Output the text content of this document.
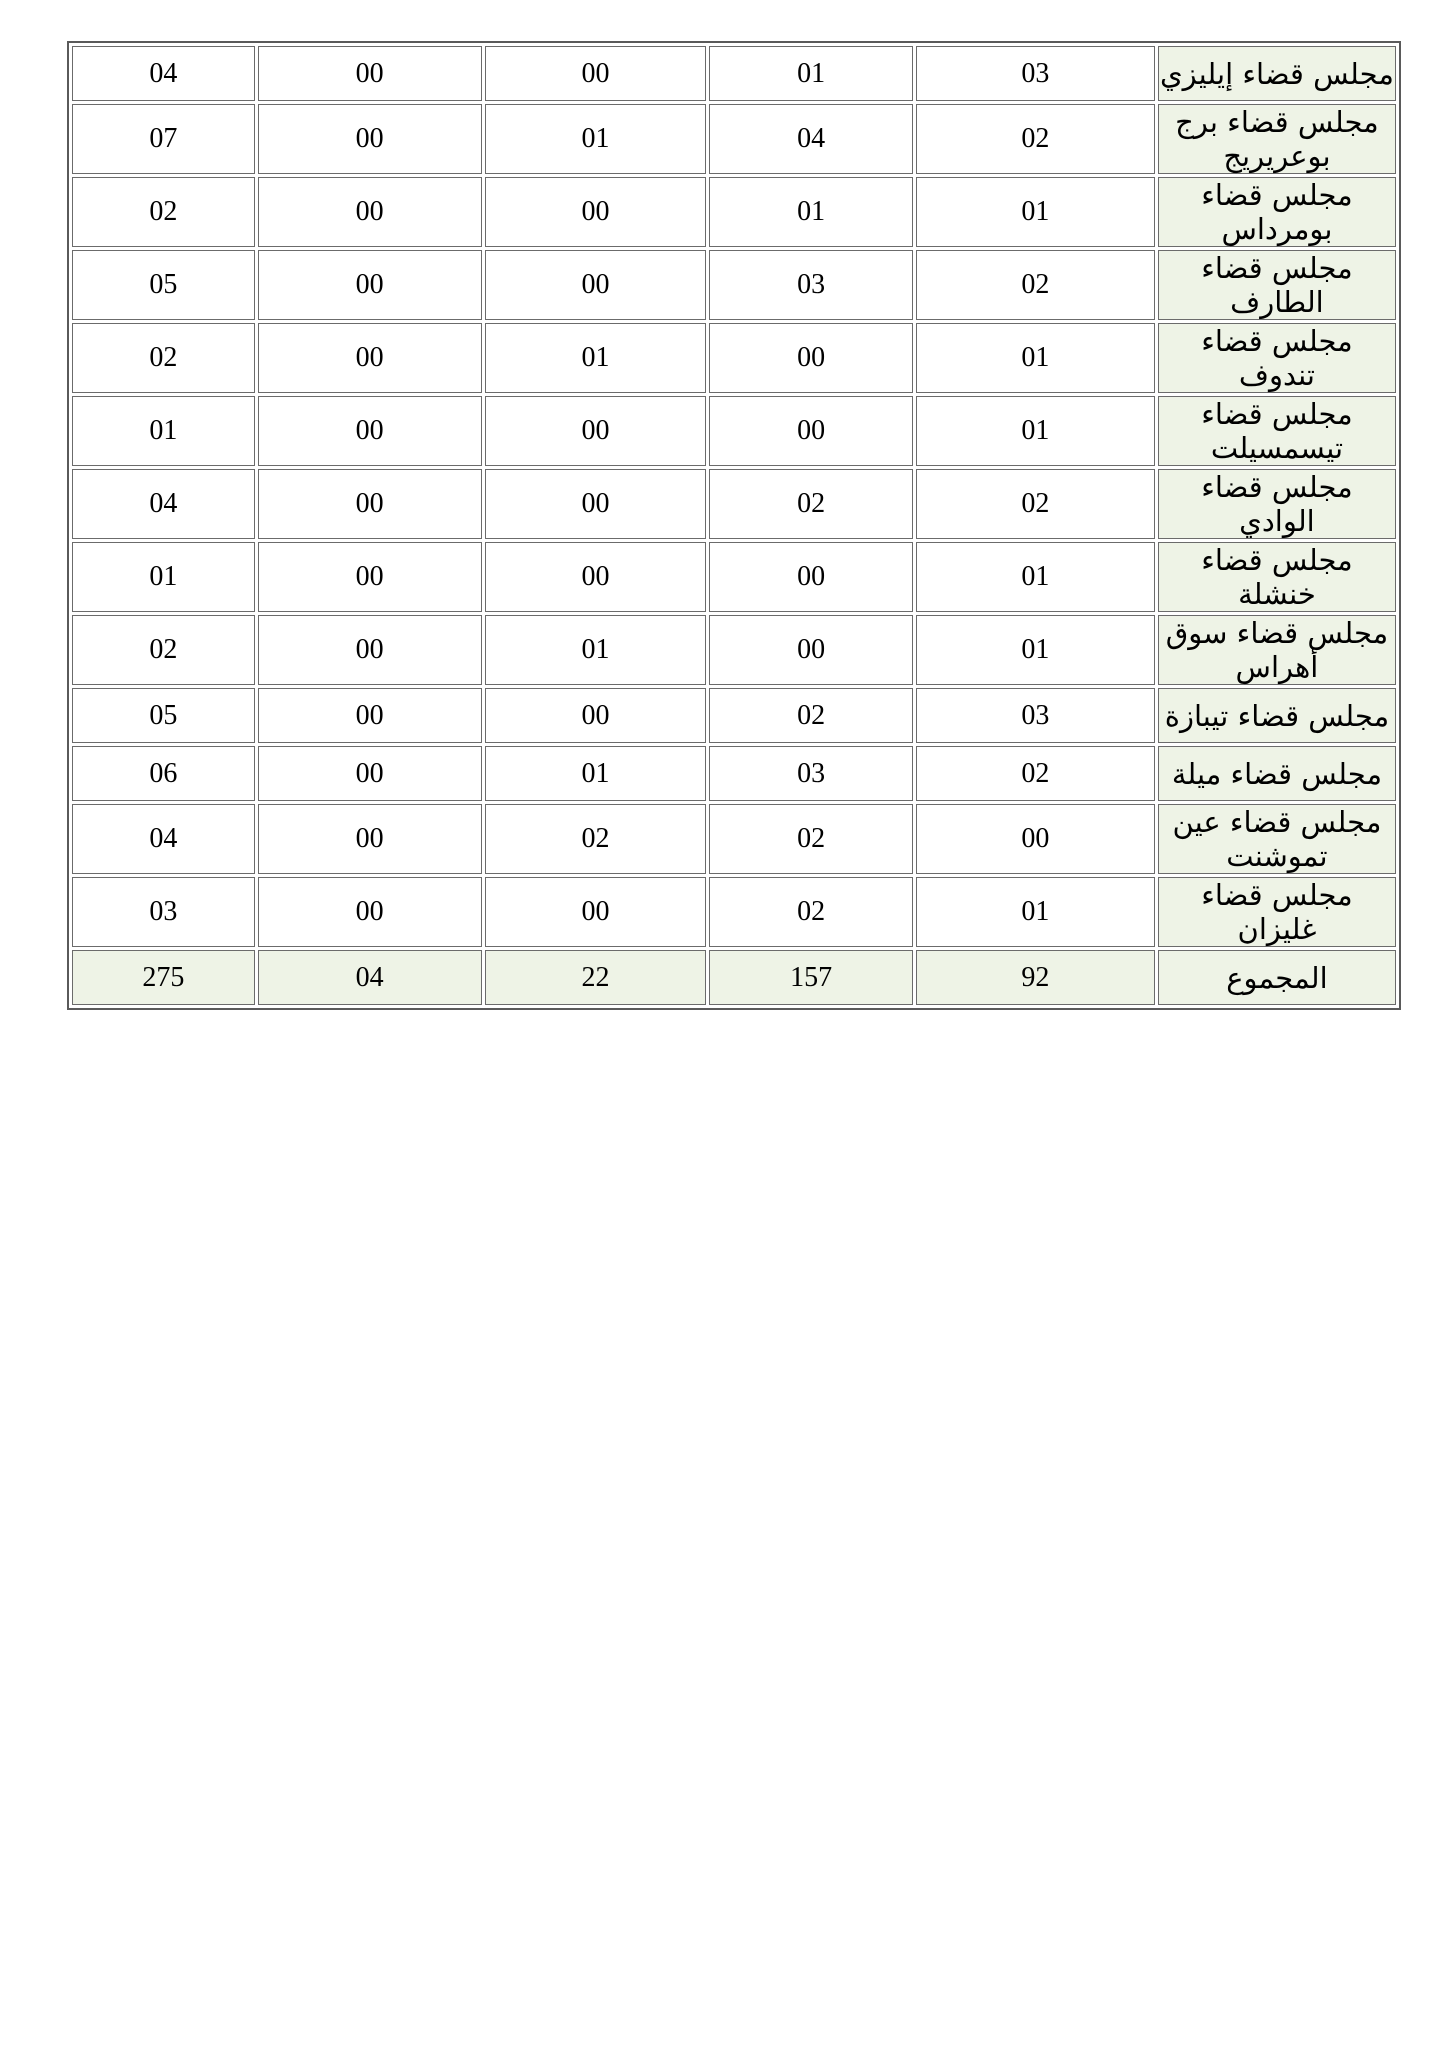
مجلس قضاء إيليزي	03	01	00	00	04
مجلس قضاء برج بوعريريج	02	04	01	00	07
مجلس قضاء بومرداس	01	01	00	00	02
مجلس قضاء الطارف	02	03	00	00	05
مجلس قضاء تندوف	01	00	01	00	02
مجلس قضاء تيسمسيلت	01	00	00	00	01
مجلس قضاء الوادي	02	02	00	00	04
مجلس قضاء خنشلة	01	00	00	00	01
مجلس قضاء سوق أهراس	01	00	01	00	02
مجلس قضاء تيبازة	03	02	00	00	05
مجلس قضاء ميلة	02	03	01	00	06
مجلس قضاء عين تموشنت	00	02	02	00	04
مجلس قضاء غليزان	01	02	00	00	03
المجموع	92	157	22	04	275
